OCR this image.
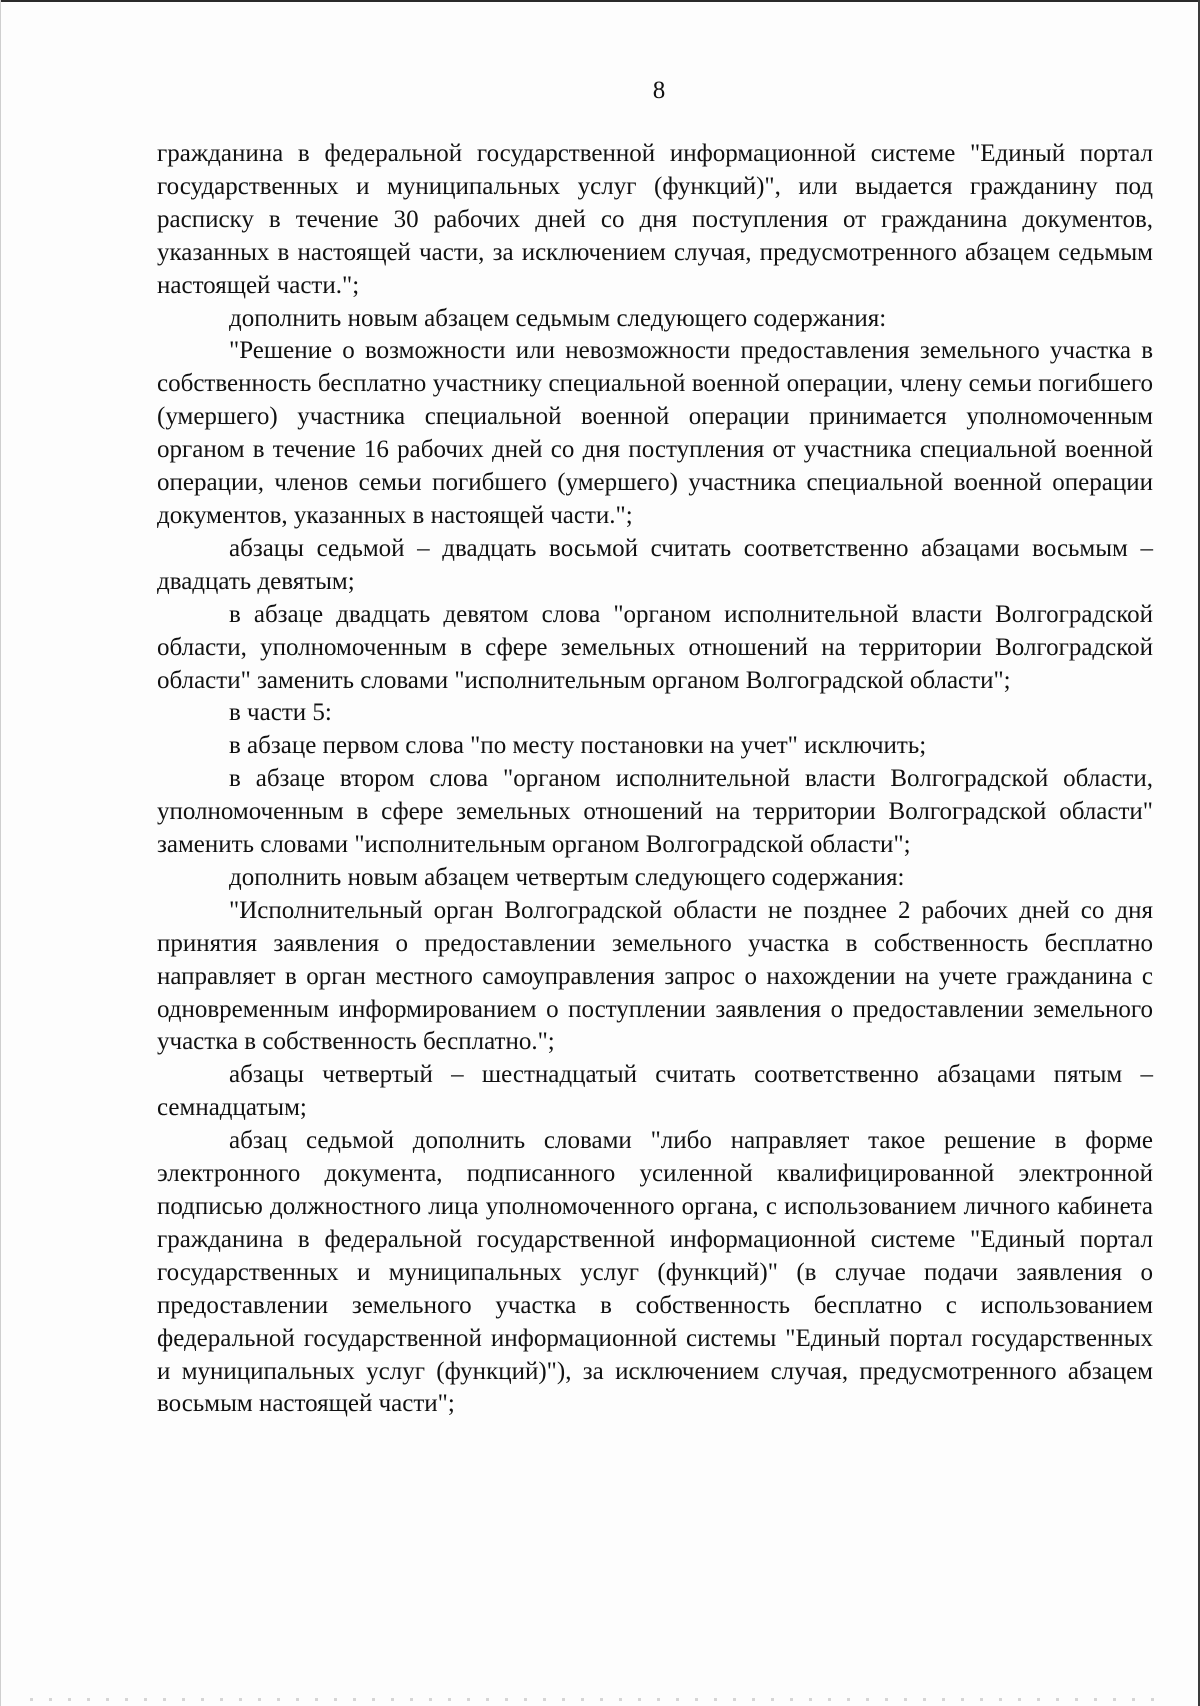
8

гражданина в федеральной государственной информационной системе "Единый портал государственных и муниципальных услуг (функций)", или выдается гражданину под расписку в течение 30 рабочих дней со дня поступления от гражданина документов, указанных в настоящей части, за исключением случая, предусмотренного абзацем седьмым настоящей части.";

дополнить новым абзацем седьмым следующего содержания:

"Решение о возможности или невозможности предоставления земельного участка в собственность бесплатно участнику специальной военной операции, члену семьи погибшего (умершего) участника специальной военной операции принимается уполномоченным органом в течение 16 рабочих дней со дня поступления от участника специальной военной операции, членов семьи погибшего (умершего) участника специальной военной операции документов, указанных в настоящей части.";

абзацы седьмой – двадцать восьмой считать соответственно абзацами восьмым – двадцать девятым;

в абзаце двадцать девятом слова "органом исполнительной власти Волгоградской области, уполномоченным в сфере земельных отношений на территории Волгоградской области" заменить словами "исполнительным органом Волгоградской области";

в части 5:

в абзаце первом слова "по месту постановки на учет" исключить;

в абзаце втором слова "органом исполнительной власти Волгоградской области, уполномоченным в сфере земельных отношений на территории Волгоградской области" заменить словами "исполнительным органом Волгоградской области";

дополнить новым абзацем четвертым следующего содержания:

"Исполнительный орган Волгоградской области не позднее 2 рабочих дней со дня принятия заявления о предоставлении земельного участка в собственность бесплатно направляет в орган местного самоуправления запрос о нахождении на учете гражданина с одновременным информированием о поступлении заявления о предоставлении земельного участка в собственность бесплатно.";

абзацы четвертый – шестнадцатый считать соответственно абзацами пятым – семнадцатым;

абзац седьмой дополнить словами "либо направляет такое решение в форме электронного документа, подписанного усиленной квалифицированной электронной подписью должностного лица уполномоченного органа, с использованием личного кабинета гражданина в федеральной государственной информационной системе "Единый портал государственных и муниципальных услуг (функций)" (в случае подачи заявления о предоставлении земельного участка в собственность бесплатно с использованием федеральной государственной информационной системы "Единый портал государственных и муниципальных услуг (функций)"), за исключением случая, предусмотренного абзацем восьмым настоящей части";
